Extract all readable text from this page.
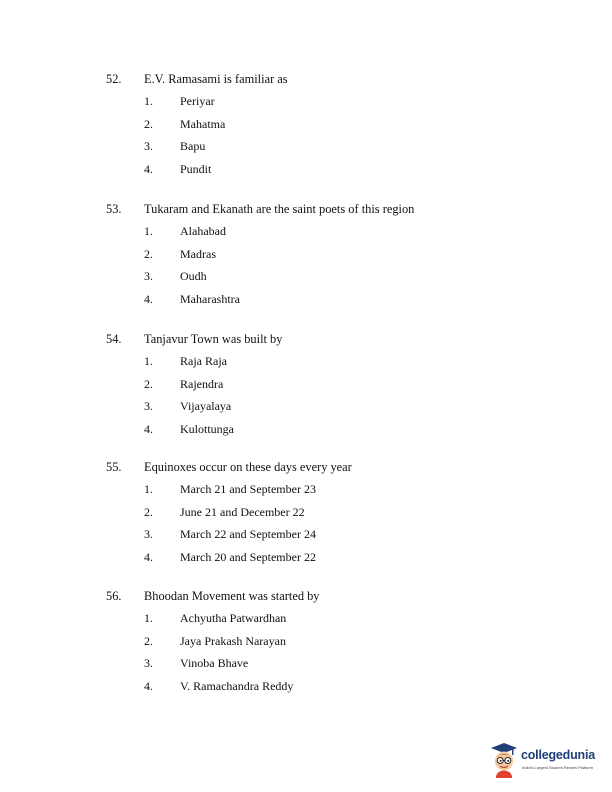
52. E.V. Ramasami is familiar as
1. Periyar
2. Mahatma
3. Bapu
4. Pundit
53. Tukaram and Ekanath are the saint poets of this region
1. Alahabad
2. Madras
3. Oudh
4. Maharashtra
54. Tanjavur Town was built by
1. Raja Raja
2. Rajendra
3. Vijayalaya
4. Kulottunga
55. Equinoxes occur on these days every year
1. March 21 and September 23
2. June 21 and December 22
3. March 22 and September 24
4. March 20 and September 22
56. Bhoodan Movement was started by
1. Achyutha Patwardhan
2. Jaya Prakash Narayan
3. Vinoba Bhave
4. V. Ramachandra Reddy
collegedunia
India's Largest Student Review Platform
